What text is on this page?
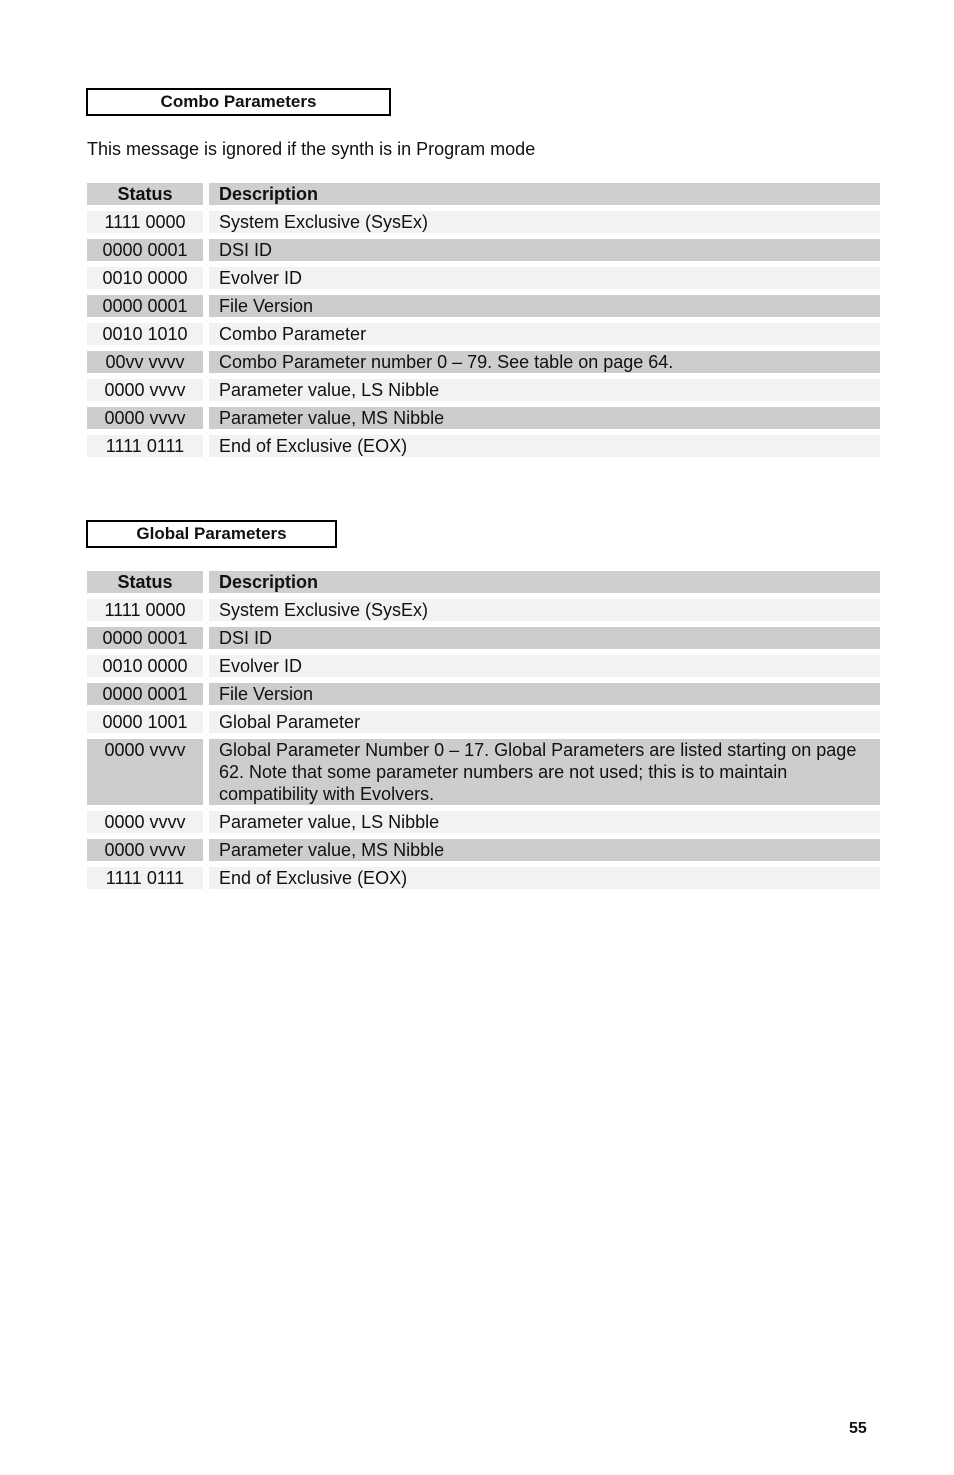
Combo Parameters
This message is ignored if the synth is in Program mode
Status		Description
1111 0000		System Exclusive (SysEx)
0000 0001		DSI ID
0010 0000		Evolver ID
0000 0001		File Version
0010 1010		Combo Parameter
00vv vvvv		Combo Parameter number 0 – 79. See table on page 64.
0000 vvvv		Parameter value, LS Nibble
0000 vvvv		Parameter value, MS Nibble
1111 0111		End of Exclusive (EOX)
Global Parameters
Status		Description
1111 0000		System Exclusive (SysEx)
0000 0001		DSI ID
0010 0000		Evolver ID
0000 0001		File Version
0000 1001		Global Parameter
0000 vvvv		Global Parameter Number 0 – 17. Global Parameters are listed starting on page 62. Note that some parameter numbers are not used; this is to maintain compatibility with Evolvers.
0000 vvvv		Parameter value, LS Nibble
0000 vvvv		Parameter value, MS Nibble
1111 0111		End of Exclusive (EOX)
55
